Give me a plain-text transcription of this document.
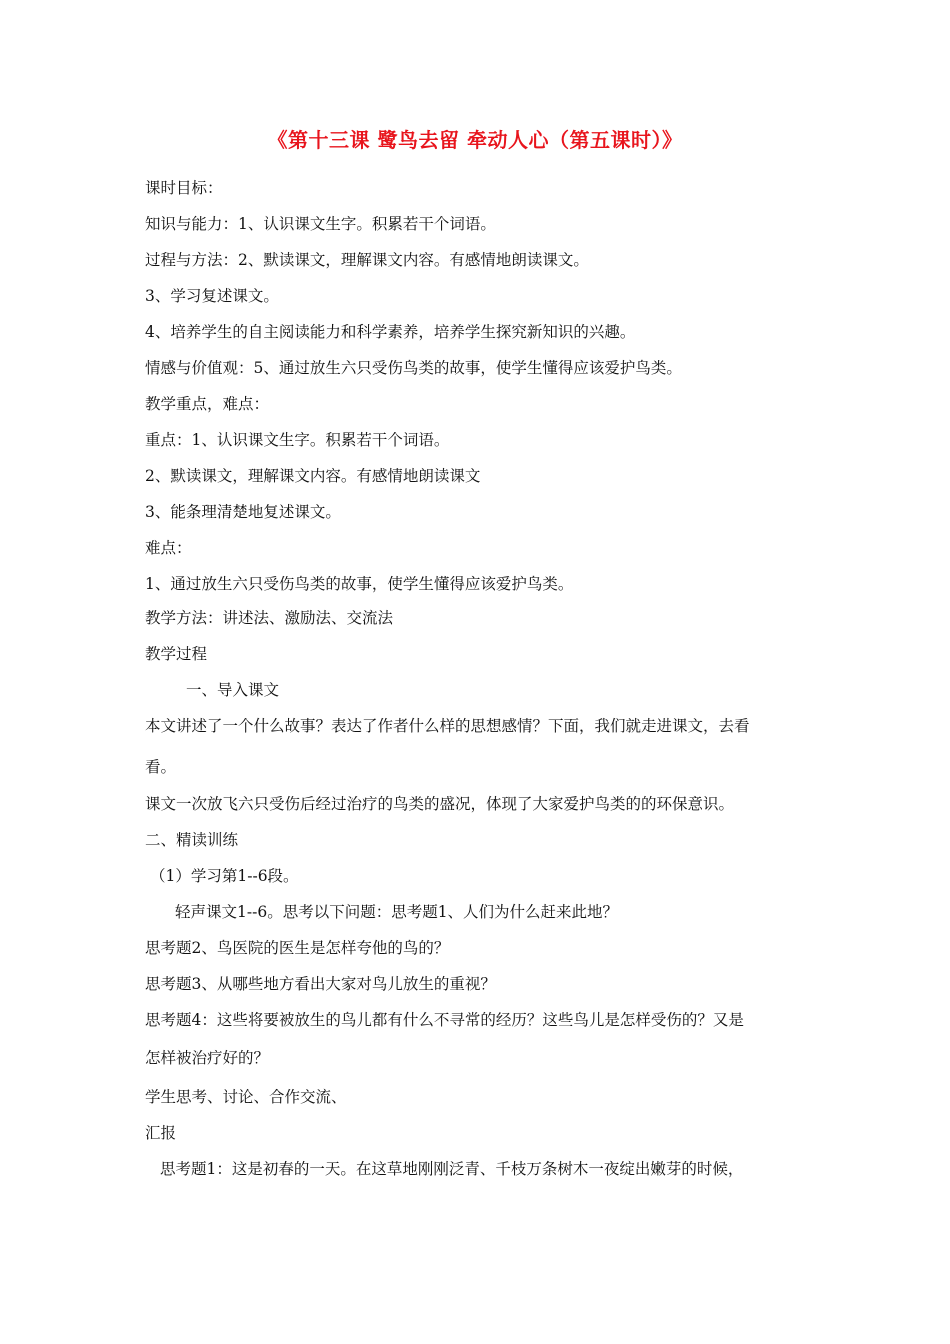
《第十三课 鹭鸟去留 牵动人心（第五课时）》
课时目标：
知识与能力：1、认识课文生字。积累若干个词语。
过程与方法：2、默读课文，理解课文内容。有感情地朗读课文。
3、学习复述课文。
4、培养学生的自主阅读能力和科学素养，培养学生探究新知识的兴趣。
情感与价值观：5、通过放生六只受伤鸟类的故事，使学生懂得应该爱护鸟类。
教学重点，难点：
重点：1、认识课文生字。积累若干个词语。
2、默读课文，理解课文内容。有感情地朗读课文
3、能条理清楚地复述课文。
难点：
1、通过放生六只受伤鸟类的故事，使学生懂得应该爱护鸟类。
教学方法：讲述法、激励法、交流法
教学过程
一、导入课文
本文讲述了一个什么故事？表达了作者什么样的思想感情？下面，我们就走进课文，去看
看。
课文一次放飞六只受伤后经过治疗的鸟类的盛况，体现了大家爱护鸟类的的环保意识。
二、精读训练
（1）学习第1--6段。
轻声课文1--6。思考以下问题：思考题1、人们为什么赶来此地？
思考题2、鸟医院的医生是怎样夸他的鸟的？
思考题3、从哪些地方看出大家对鸟儿放生的重视？
思考题4：这些将要被放生的鸟儿都有什么不寻常的经历？这些鸟儿是怎样受伤的？又是
怎样被治疗好的？
学生思考、讨论、合作交流、
汇报
思考题1：这是初春的一天。在这草地刚刚泛青、千枝万条树木一夜绽出嫩芽的时候，
